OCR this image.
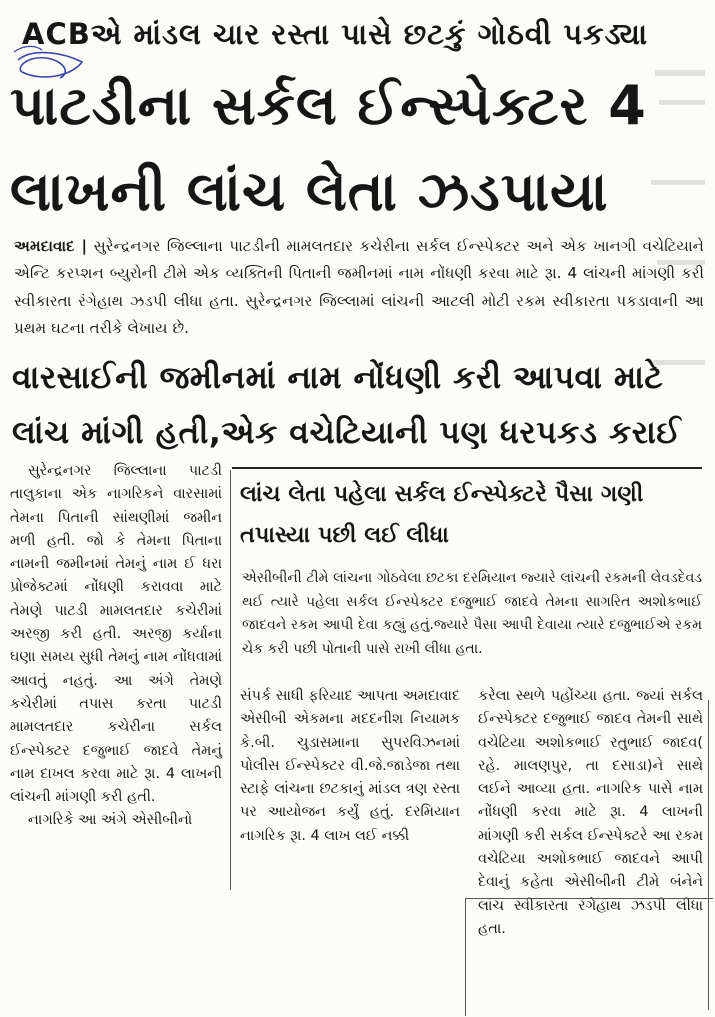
ACBએ માંડલ ચાર રસ્તા પાસે છટકું ગોઠવી પકડ્યા
પાટડીના સર્કલ ઈન્સ્પેક્ટર 4
લાખની લાંચ લેતા ઝડપાયા
અમદાવાદ | સુરેન્દ્રનગર જિલ્લાના પાટડીની મામલતદાર કચેરીના સર્કલ ઈન્સ્પેક્ટર અને એક ખાનગી વચેટિયાને એન્ટિ કરપ્શન બ્યુરોની ટીમે એક વ્યક્તિની પિતાની જમીનમાં નામ નોંધણી કરવા માટે રૂા. 4 લાંચની માંગણી કરી સ્વીકારતા રંગેહાથ ઝડપી લીધા હતા. સુરેન્દ્રનગર જિલ્લામાં લાંચની આટલી મોટી રકમ સ્વીકારતા પકડાવાની આ પ્રથમ ઘટના તરીકે લેખાય છે.
વારસાઈની જમીનમાં નામ નોંધણી કરી આપવા માટે
લાંચ માંગી હતી,એક વચેટિયાની પણ ધરપકડ કરાઈ

સુરેન્દ્રનગર જિલ્લાના પાટડી તાલુકાના એક નાગરિકને વારસામાં તેમના પિતાની સાંથણીમાં જમીન મળી હતી. જો કે તેમના પિતાના નામની જમીનમાં તેમનું નામ ઈ ધરા પ્રોજેક્ટમાં નોંધણી કરાવવા માટે તેમણે પાટડી મામલતદાર કચેરીમાં અરજી કરી હતી. અરજી કર્યાના ઘણા સમય સુધી તેમનું નામ નોંધવામાં આવતું નહતું. આ અંગે તેમણે કચેરીમાં તપાસ કરતા પાટડી મામલતદાર કચેરીના સર્કલ ઈન્સ્પેક્ટર દજુભાઈ જાદવે તેમનું નામ દાખલ કરવા માટે રૂા. 4 લાખની લાંચની માંગણી કરી હતી.

નાગરિકે આ અંગે એસીબીનો

લાંચ લેતા પહેલા સર્કલ ઈન્સ્પેક્ટરે પૈસા ગણી તપાસ્યા પછી લઈ લીધા
એસીબીની ટીમે લાંચના ગોઠવેલા છટકા દરમિયાન જ્યારે લાંચની રકમની લેવડદેવડ થઈ ત્યારે પહેલા સર્કલ ઈન્સ્પેક્ટર દજુભાઈ જાદવે તેમના સાગરિત અશોકભાઈ જાદવને રકમ આપી દેવા કહ્યું હતું.જ્યારે પૈસા આપી દેવાયા ત્યારે દજુભાઈએ રકમ ચેક કરી પછી પોતાની પાસે રાખી લીધા હતા.

સંપર્ક સાધી ફરિયાદ આપતા અમદાવાદ એસીબી એકમના મદદનીશ નિયામક કે.બી. ચુડાસમાના સુપરવિઝનમાં પોલીસ ઈન્સ્પેક્ટર વી.જે.જાડેજા તથા સ્ટાફે લાંચના છટકાનું માંડલ ત્રણ રસ્તા પર આયોજન કર્યું હતું. દરમિયાન નાગરિક રૂા. 4 લાખ લઈ નક્કી

કરેલા સ્થળે પહોંચ્યા હતા. જ્યાં સર્કલ ઈન્સ્પેક્ટર દજુભાઈ જાદવ તેમની સાથે વચેટિયા અશોકભાઈ રતુભાઈ જાદવ( રહે. માલણપુર, તા દસાડા)ને સાથે લઈને આવ્યા હતા. નાગરિક પાસે નામ નોંધણી કરવા માટે રૂા. 4 લાખની માંગણી કરી સર્કલ ઈન્સ્પેક્ટરે આ રકમ વચેટિયા અશોકભાઈ જાદવને આપી દેવાનું કહેતા એસીબીની ટીમે બંનેને લાંચ સ્વીકારતા રંગેહાથ ઝડપી લીધા હતા.
